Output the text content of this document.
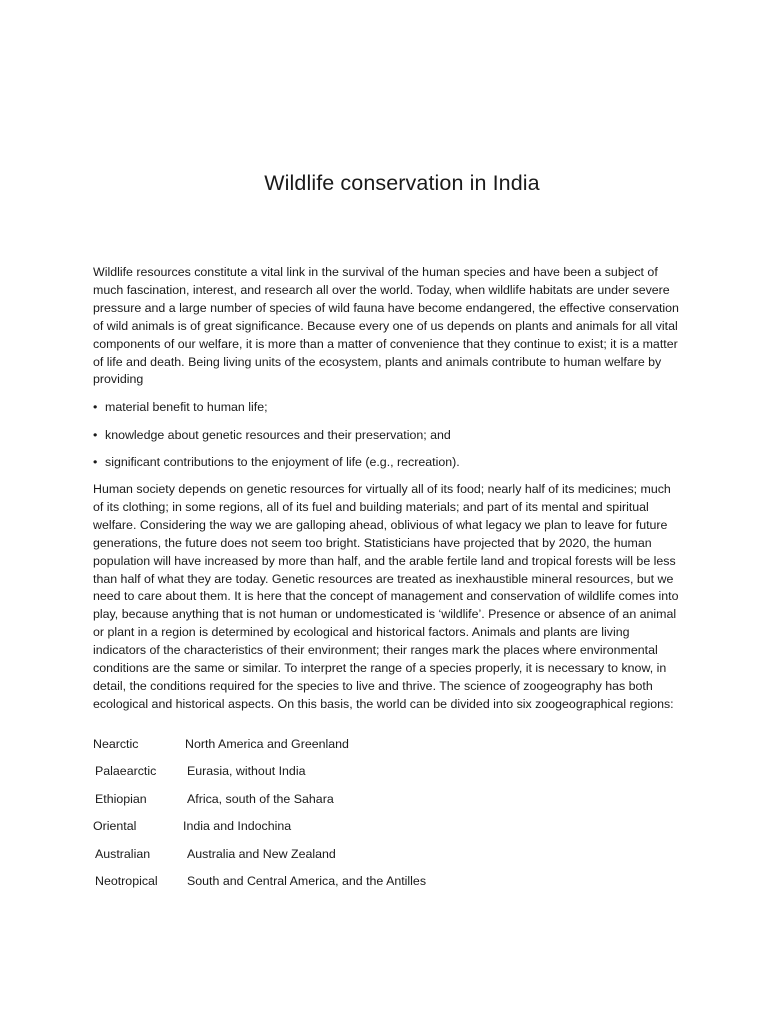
Wildlife conservation in India

Wildlife resources constitute a vital link in the survival of the human species and have been a subject of much fascination, interest, and research all over the world. Today, when wildlife habitats are under severe pressure and a large number of species of wild fauna have become endangered, the effective conservation of wild animals is of great significance. Because every one of us depends on plants and animals for all vital components of our welfare, it is more than a matter of convenience that they continue to exist; it is a matter of life and death. Being living units of the ecosystem, plants and animals contribute to human welfare by providing

• material benefit to human life;
• knowledge about genetic resources and their preservation; and
• significant contributions to the enjoyment of life (e.g., recreation).

Human society depends on genetic resources for virtually all of its food; nearly half of its medicines; much of its clothing; in some regions, all of its fuel and building materials; and part of its mental and spiritual welfare. Considering the way we are galloping ahead, oblivious of what legacy we plan to leave for future generations, the future does not seem too bright. Statisticians have projected that by 2020, the human population will have increased by more than half, and the arable fertile land and tropical forests will be less than half of what they are today. Genetic resources are treated as inexhaustible mineral resources, but we need to care about them. It is here that the concept of management and conservation of wildlife comes into play, because anything that is not human or undomesticated is ‘wildlife’. Presence or absence of an animal or plant in a region is determined by ecological and historical factors. Animals and plants are living indicators of the characteristics of their environment; their ranges mark the places where environmental conditions are the same or similar. To interpret the range of a species properly, it is necessary to know, in detail, the conditions required for the species to live and thrive. The science of zoogeography has both ecological and historical aspects. On this basis, the world can be divided into six zoogeographical regions:

Nearctic	North America and Greenland
Palaearctic Eurasia, without India
Ethiopian	Africa, south of the Sahara
Oriental	India and Indochina
Australian	Australia and New Zealand
Neotropical South and Central America, and the Antilles
